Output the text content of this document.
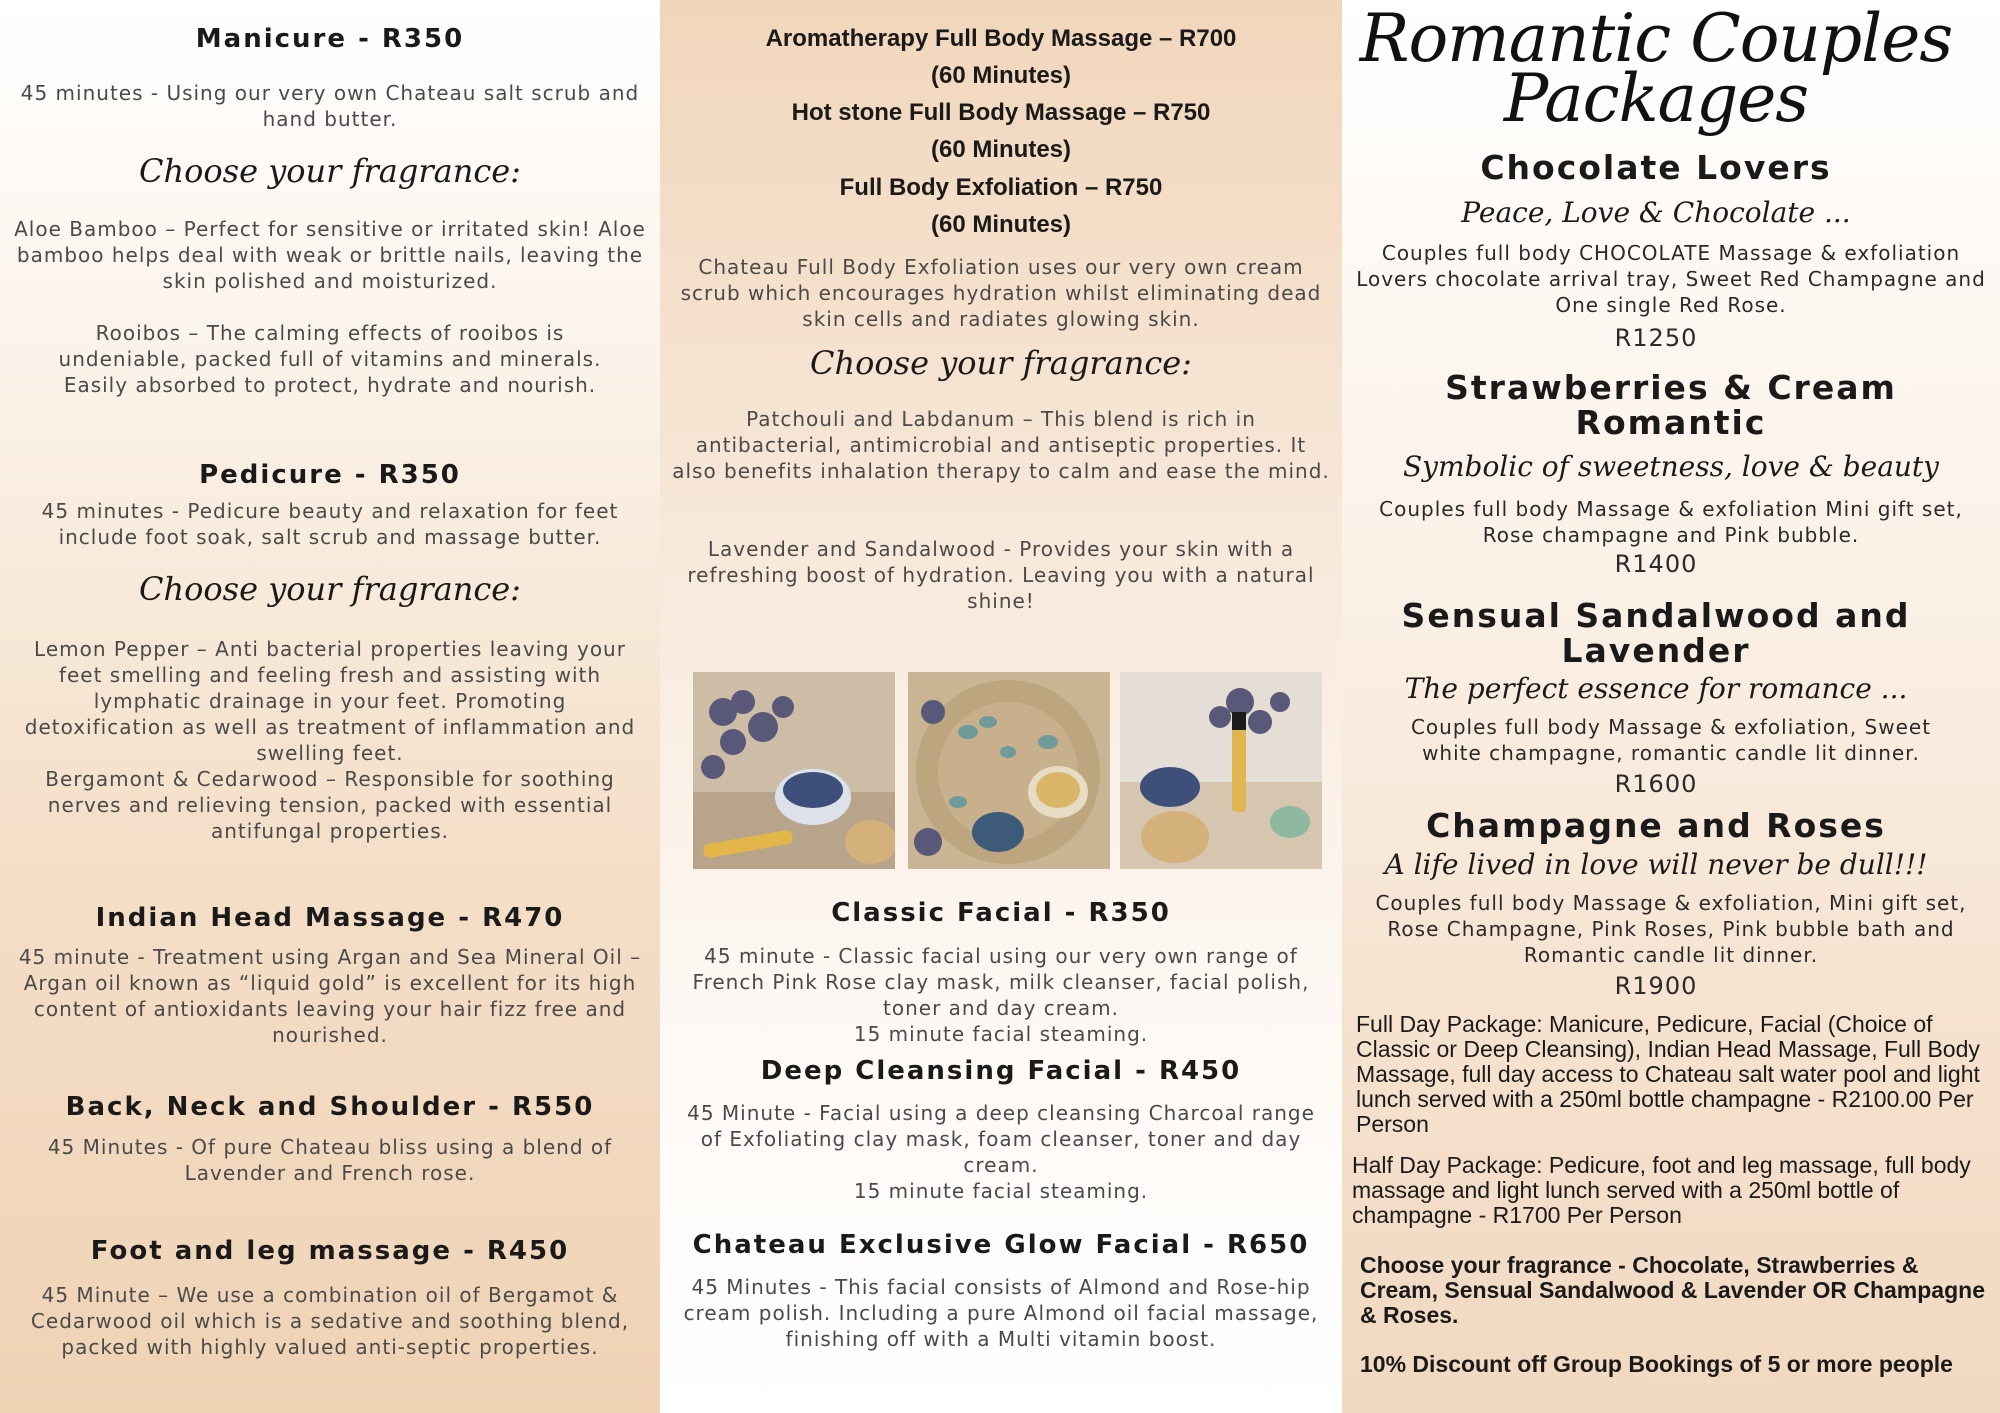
Manicure - R350
45 minutes - Using our very own Chateau salt scrub and hand butter.
Choose your fragrance:
Aloe Bamboo – Perfect for sensitive or irritated skin! Aloe bamboo helps deal with weak or brittle nails, leaving the skin polished and moisturized.
Rooibos – The calming effects of rooibos is undeniable, packed full of vitamins and minerals. Easily absorbed to protect, hydrate and nourish.
Pedicure - R350
45 minutes - Pedicure beauty and relaxation for feet include foot soak, salt scrub and massage butter.
Choose your fragrance:
Lemon Pepper – Anti bacterial properties leaving your feet smelling and feeling fresh and assisting with lymphatic drainage in your feet. Promoting detoxification as well as treatment of inflammation and swelling feet.
Bergamont & Cedarwood – Responsible for soothing nerves and relieving tension, packed with essential antifungal properties.
Indian Head Massage - R470
45 minute - Treatment using Argan and Sea Mineral Oil – Argan oil known as “liquid gold” is excellent for its high content of antioxidants leaving your hair fizz free and nourished.
Back, Neck and Shoulder - R550
45 Minutes - Of pure Chateau bliss using a blend of Lavender and French rose.
Foot and leg massage - R450
45 Minute – We use a combination oil of Bergamot & Cedarwood oil which is a sedative and soothing blend, packed with highly valued anti-septic properties.
Aromatherapy Full Body Massage – R700
(60 Minutes)
Hot stone Full Body Massage – R750
(60 Minutes)
Full Body Exfoliation – R750
(60 Minutes)
Chateau Full Body Exfoliation uses our very own cream scrub which encourages hydration whilst eliminating dead skin cells and radiates glowing skin.
Choose your fragrance:
Patchouli and Labdanum – This blend is rich in antibacterial, antimicrobial and antiseptic properties. It also benefits inhalation therapy to calm and ease the mind.
Lavender and Sandalwood - Provides your skin with a refreshing boost of hydration. Leaving you with a natural shine!
Classic Facial - R350
45 minute - Classic facial using our very own range of French Pink Rose clay mask, milk cleanser, facial polish, toner and day cream.
15 minute facial steaming.
Deep Cleansing Facial - R450
45 Minute - Facial using a deep cleansing Charcoal range of Exfoliating clay mask, foam cleanser, toner and day cream.
15 minute facial steaming.
Chateau Exclusive Glow Facial - R650
45 Minutes - This facial consists of Almond and Rose-hip cream polish. Including a pure Almond oil facial massage, finishing off with a Multi vitamin boost.
Romantic Couples
Packages
Chocolate Lovers
Peace, Love & Chocolate ...
Couples full body CHOCOLATE Massage & exfoliation Lovers chocolate arrival tray, Sweet Red Champagne and One single Red Rose.
R1250
Strawberries & Cream Romantic
Symbolic of sweetness, love & beauty
Couples full body Massage & exfoliation Mini gift set, Rose champagne and Pink bubble.
R1400
Sensual Sandalwood and Lavender
The perfect essence for romance ...
Couples full body Massage & exfoliation, Sweet white champagne, romantic candle lit dinner.
R1600
Champagne and Roses
A life lived in love will never be dull!!!
Couples full body Massage & exfoliation, Mini gift set, Rose Champagne, Pink Roses, Pink bubble bath and Romantic candle lit dinner.
R1900
Full Day Package: Manicure, Pedicure, Facial (Choice of Classic or Deep Cleansing), Indian Head Massage, Full Body Massage, full day access to Chateau salt water pool and light lunch served with a 250ml bottle champagne - R2100.00 Per Person
Half Day Package: Pedicure, foot and leg massage, full body massage and light lunch served with a 250ml bottle of champagne - R1700 Per Person
Choose your fragrance - Chocolate, Strawberries & Cream, Sensual Sandalwood & Lavender OR Champagne & Roses.
10% Discount off Group Bookings of 5 or more people
